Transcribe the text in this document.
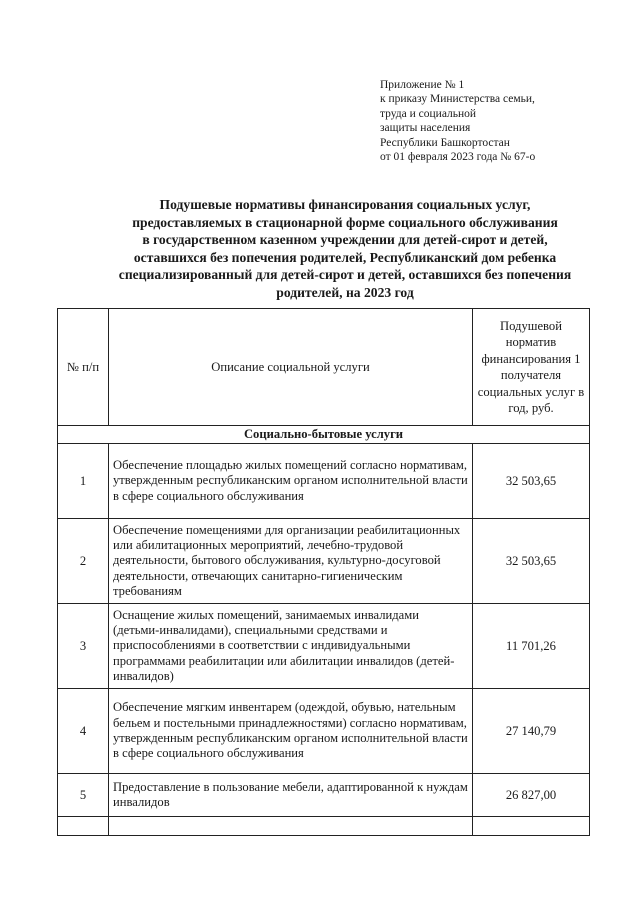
Приложение № 1
к приказу Министерства семьи,
труда и социальной
защиты населения
Республики Башкортостан
от 01 февраля 2023 года № 67-о
Подушевые нормативы финансирования социальных услуг,
предоставляемых в стационарной форме социального обслуживания
в государственном казенном учреждении для детей-сирот и детей,
оставшихся без попечения родителей, Республиканский дом ребенка
специализированный для детей-сирот и детей, оставшихся без попечения
родителей, на 2023 год
№ п/п	Описание социальной услуги	Подушевой норматив финансирования 1 получателя социальных услуг в год, руб.
Социально-бытовые услуги		
1	Обеспечение площадью жилых помещений согласно нормативам, утвержденным республиканским органом исполнительной власти в сфере социального обслуживания	32 503,65
2	Обеспечение помещениями для организации реабилитационных или абилитационных мероприятий, лечебно-трудовой деятельности, бытового обслуживания, культурно-досуговой деятельности, отвечающих санитарно-гигиеническим требованиям	32 503,65
3	Оснащение жилых помещений, занимаемых инвалидами (детьми-инвалидами), специальными средствами и приспособлениями в соответствии с индивидуальными программами реабилитации или абилитации инвалидов (детей-инвалидов)	11 701,26
4	Обеспечение мягким инвентарем (одеждой, обувью, нательным бельем и постельными принадлежностями) согласно нормативам, утвержденным республиканским органом исполнительной власти в сфере социального обслуживания	27 140,79
5	Предоставление в пользование мебели, адаптированной к нуждам инвалидов	26 827,00
